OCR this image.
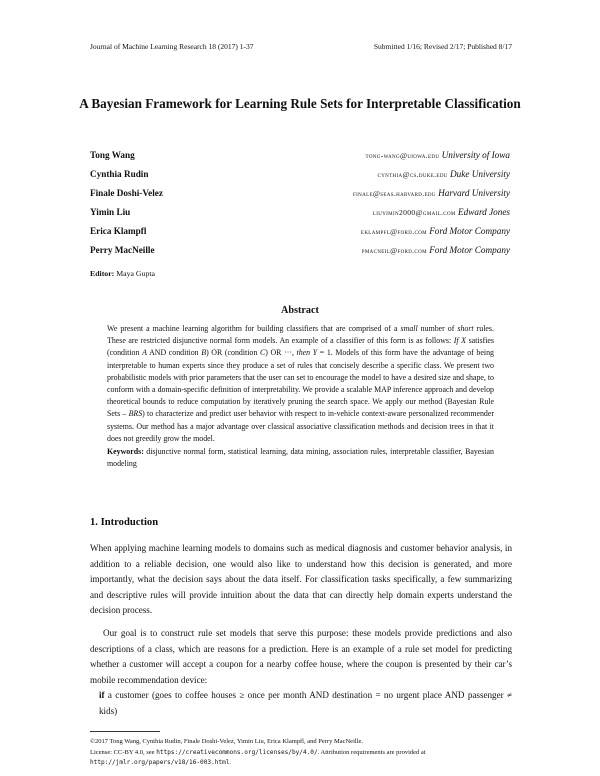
Journal of Machine Learning Research 18 (2017) 1-37	Submitted 1/16; Revised 2/17; Published 8/17
A Bayesian Framework for Learning Rule Sets for Interpretable Classification
Tong Wang	tong-wang@uiowa.edu University of Iowa
Cynthia Rudin	cynthia@cs.duke.edu Duke University
Finale Doshi-Velez	finale@seas.harvard.edu Harvard University
Yimin Liu	liuyimin2000@gmail.com Edward Jones
Erica Klampfl	eklampfl@ford.com Ford Motor Company
Perry MacNeille	pmacneil@ford.com Ford Motor Company
Editor: Maya Gupta
Abstract

We present a machine learning algorithm for building classifiers that are comprised of a small number of short rules. These are restricted disjunctive normal form models. An example of a classifier of this form is as follows: If X satisfies (condition A AND condition B) OR (condition C) OR ···, then Y = 1. Models of this form have the advantage of being interpretable to human experts since they produce a set of rules that concisely describe a specific class. We present two probabilistic models with prior parameters that the user can set to encourage the model to have a desired size and shape, to conform with a domain-specific definition of interpretability. We provide a scalable MAP inference approach and develop theoretical bounds to reduce computation by iteratively pruning the search space. We apply our method (Bayesian Rule Sets – BRS) to characterize and predict user behavior with respect to in-vehicle context-aware personalized recommender systems. Our method has a major advantage over classical associative classification methods and decision trees in that it does not greedily grow the model.

Keywords: disjunctive normal form, statistical learning, data mining, association rules, interpretable classifier, Bayesian modeling

1. Introduction

When applying machine learning models to domains such as medical diagnosis and customer behavior analysis, in addition to a reliable decision, one would also like to understand how this decision is generated, and more importantly, what the decision says about the data itself. For classification tasks specifically, a few summarizing and descriptive rules will provide intuition about the data that can directly help domain experts understand the decision process.

Our goal is to construct rule set models that serve this purpose: these models provide predictions and also descriptions of a class, which are reasons for a prediction. Here is an example of a rule set model for predicting whether a customer will accept a coupon for a nearby coffee house, where the coupon is presented by their car’s mobile recommendation device:

if a customer (goes to coffee houses ≥ once per month AND destination = no urgent place AND passenger ≠ kids)

©2017 Tong Wang, Cynthia Rudin, Finale Doshi-Velez, Yimin Liu, Erica Klampfl, and Perry MacNeille.

License: CC-BY 4.0, see https://creativecommons.org/licenses/by/4.0/. Attribution requirements are provided at
http://jmlr.org/papers/v18/16-003.html.
